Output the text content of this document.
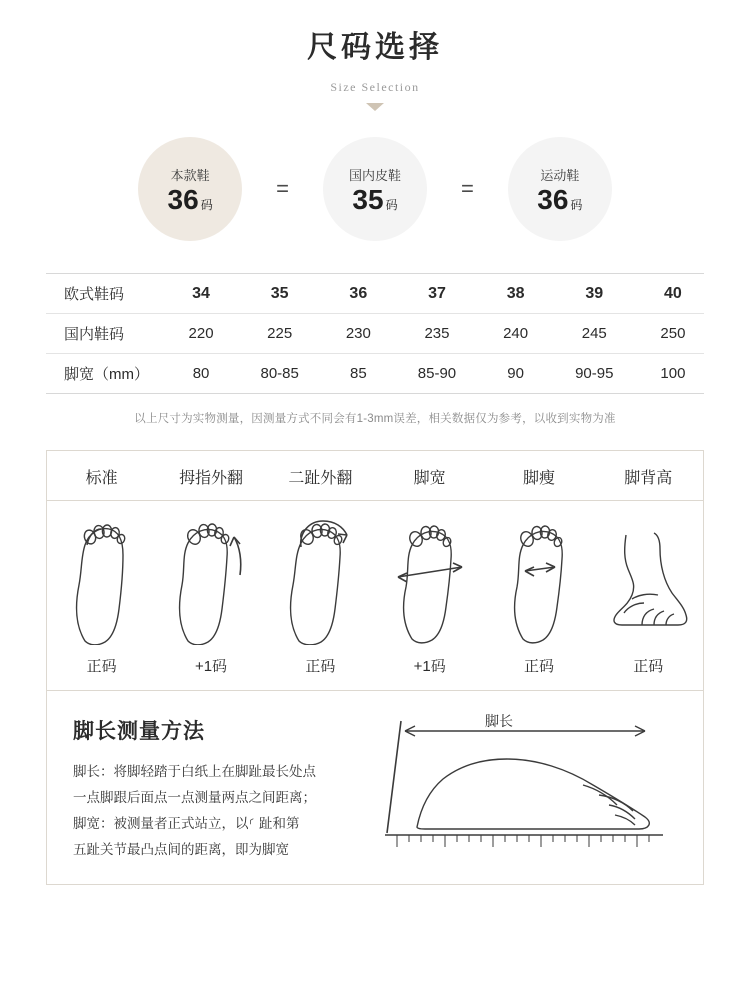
尺码选择
Size Selection
本款鞋
36 码
=
国内皮鞋
35 码
=
运动鞋
36 码
欧式鞋码	34	35	36	37	38	39	40
国内鞋码	220	225	230	235	240	245	250
脚宽（mm）	80	80-85	85	85-90	90	90-95	100
以上尺寸为实物测量，因测量方式不同会有1-3mm误差，相关数据仅为参考，以收到实物为准
标准	拇指外翻	二趾外翻	脚宽	脚瘦	脚背高
正码	+1码	正码	+1码	正码	正码
脚长测量方法
脚长：将脚轻踏于白纸上在脚趾最长处点
一点脚跟后面点一点测量两点之间距离；
脚宽：被测量者正式站立，以⸂ 趾和第
五趾关节最凸点间的距离，即为脚宽
脚长
